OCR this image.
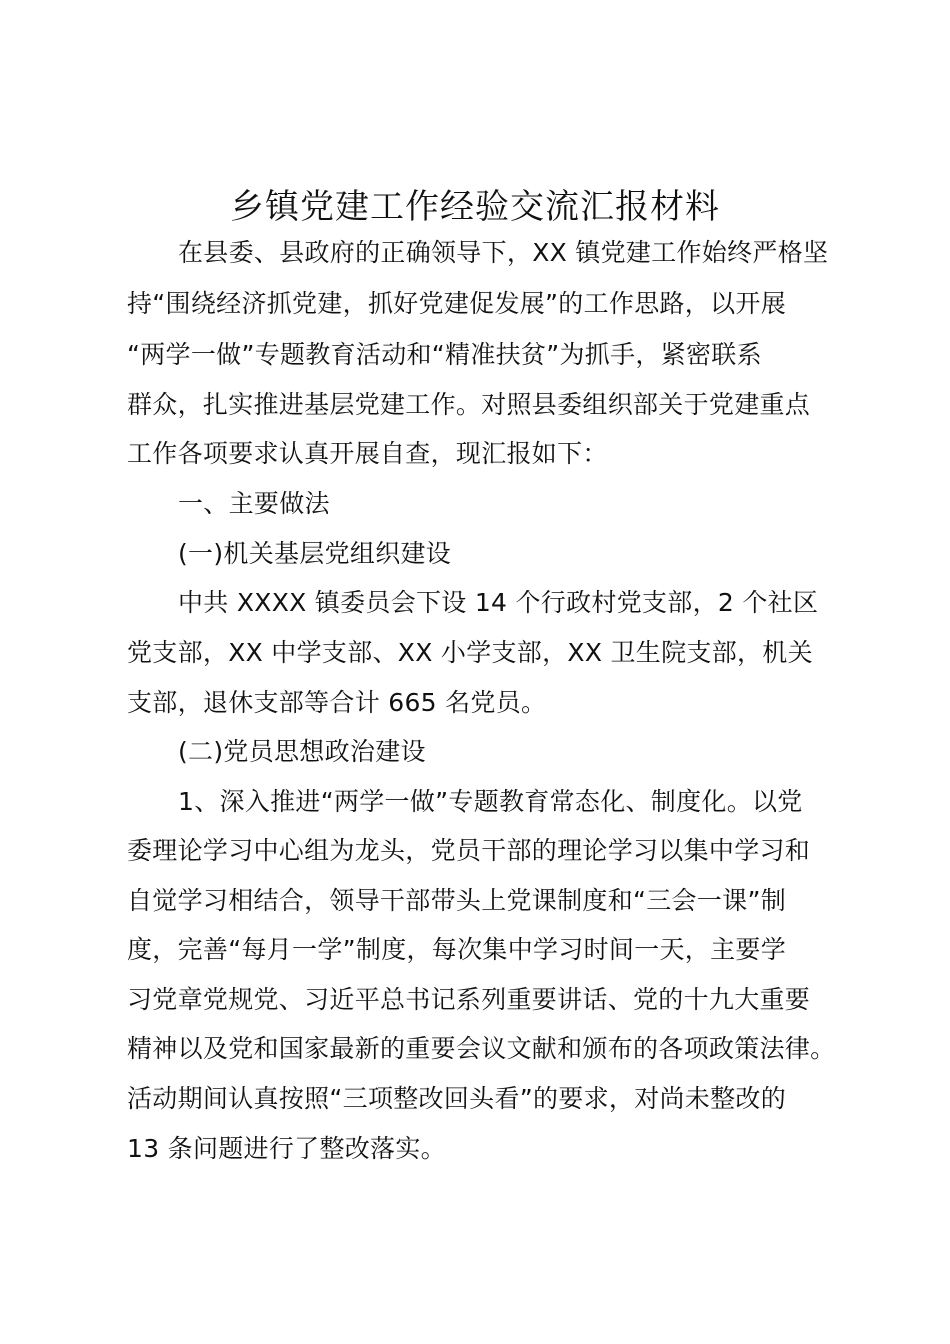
乡镇党建工作经验交流汇报材料
在县委、县政府的正确领导下，XX 镇党建工作始终严格坚
持“围绕经济抓党建，抓好党建促发展”的工作思路，以开展
“两学一做”专题教育活动和“精准扶贫”为抓手，紧密联系
群众，扎实推进基层党建工作。对照县委组织部关于党建重点
工作各项要求认真开展自查，现汇报如下：
一、主要做法
(一)机关基层党组织建设
中共 XXXX 镇委员会下设 14 个行政村党支部，2 个社区
党支部，XX 中学支部、XX 小学支部，XX 卫生院支部，机关
支部，退休支部等合计 665 名党员。
(二)党员思想政治建设
1、深入推进“两学一做”专题教育常态化、制度化。以党
委理论学习中心组为龙头，党员干部的理论学习以集中学习和
自觉学习相结合，领导干部带头上党课制度和“三会一课”制
度，完善“每月一学”制度，每次集中学习时间一天，主要学
习党章党规党、习近平总书记系列重要讲话、党的十九大重要
精神以及党和国家最新的重要会议文献和颁布的各项政策法律。
活动期间认真按照“三项整改回头看”的要求，对尚未整改的
13 条问题进行了整改落实。
